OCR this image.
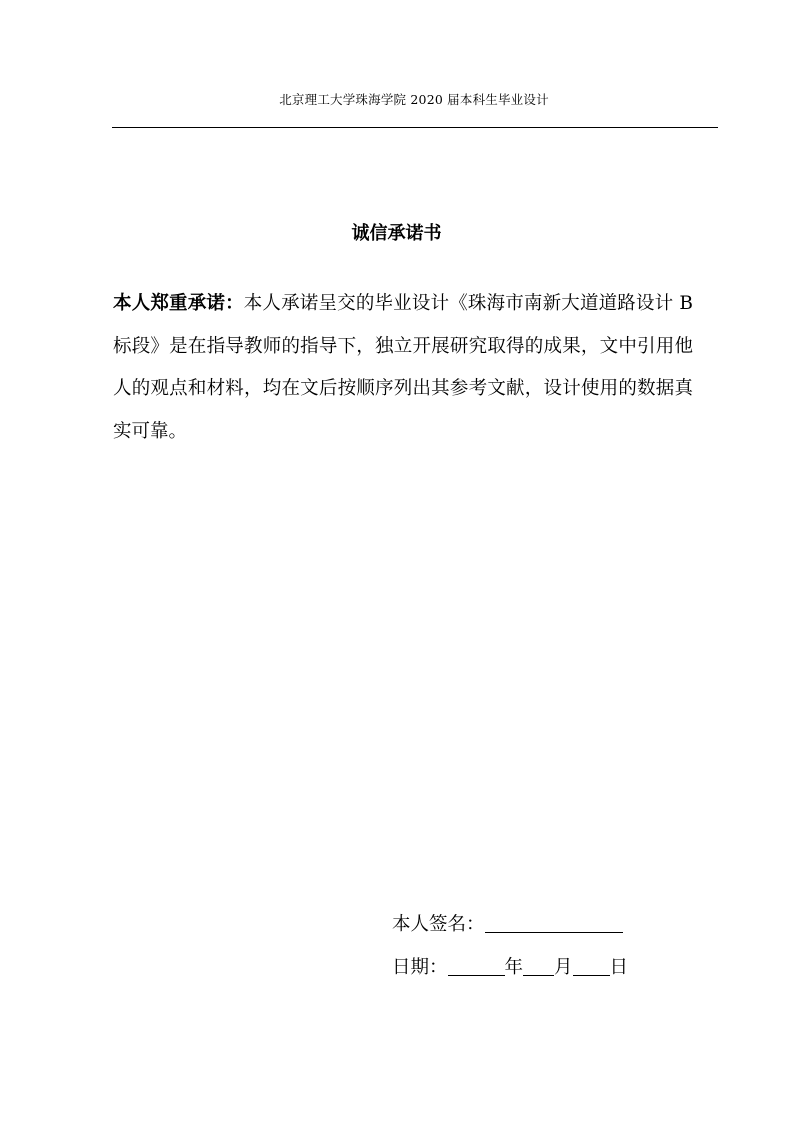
北京理工大学珠海学院 2020 届本科生毕业设计
诚信承诺书

本人郑重承诺：本人承诺呈交的毕业设计《珠海市南新大道道路设计 B 标段》是在指导教师的指导下，独立开展研究取得的成果，文中引用他人的观点和材料，均在文后按顺序列出其参考文献，设计使用的数据真实可靠。

本人签名：
日期：	年 月 日
